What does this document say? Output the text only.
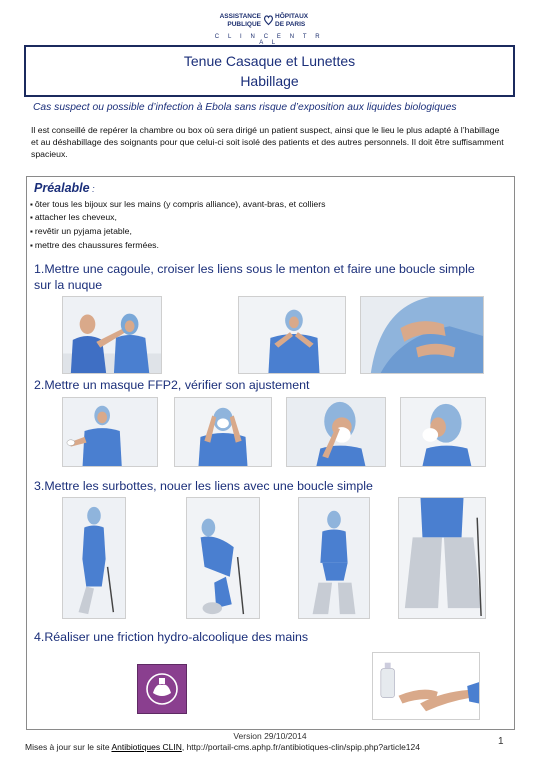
ASSISTANCE
PUBLIQUE
HÔPITAUX
DE PARIS
C L I N C E N T R A L
Tenue Casaque et Lunettes
Habillage
Cas suspect ou possible d’infection à Ebola sans risque d’exposition aux liquides biologiques
Il est conseillé de repérer la chambre ou box où sera dirigé un patient suspect, ainsi que le lieu le plus adapté à l’habillage et au déshabillage des soignants pour que celui-ci soit isolé des patients et des autres personnels. Il doit être suffisamment spacieux.
Préalable :
▪ ôter tous les bijoux sur les mains (y compris alliance), avant-bras, et colliers
▪ attacher les cheveux,
▪ revêtir un pyjama jetable,
▪ mettre des chaussures fermées.
1.Mettre une cagoule, croiser les liens sous le menton et faire une boucle simple
sur la nuque
2.Mettre un masque FFP2, vérifier son ajustement
3.Mettre les surbottes, nouer les liens avec une boucle simple
4.Réaliser une friction hydro-alcoolique des mains
Version 29/10/2014
Mises à jour sur le site Antibiotiques CLIN, http://portail-cms.aphp.fr/antibiotiques-clin/spip.php?article124	1
